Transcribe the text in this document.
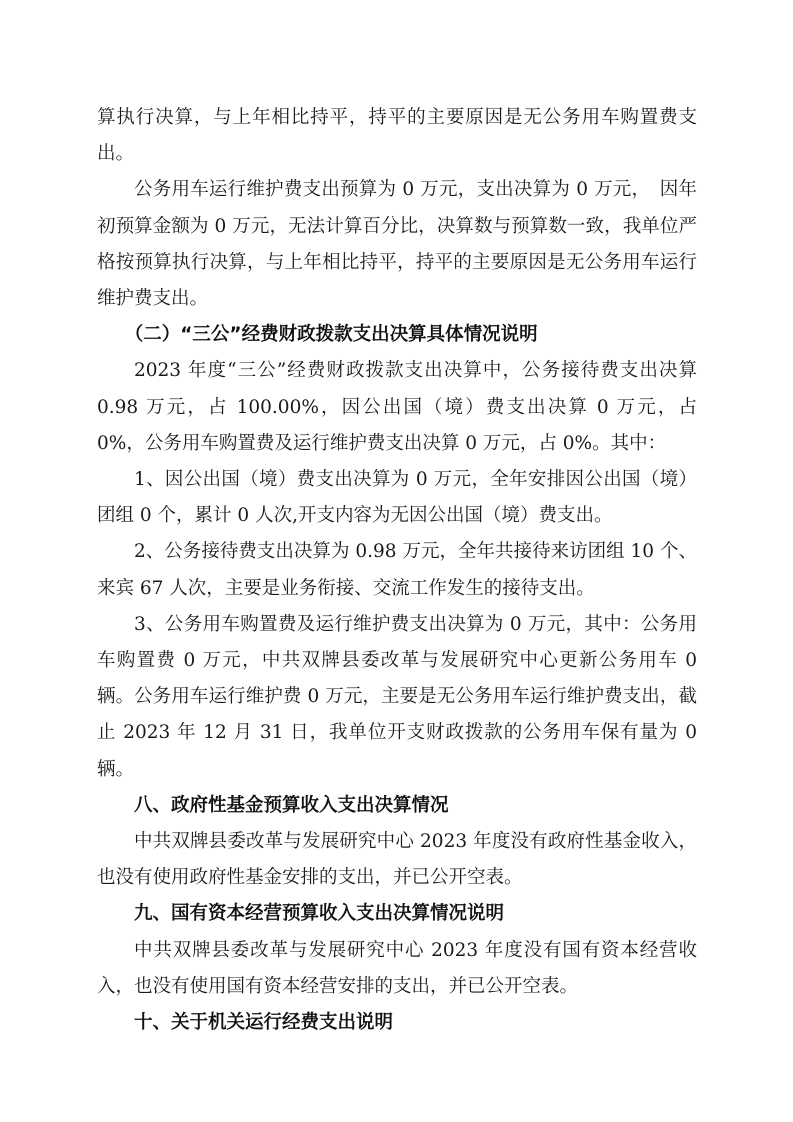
算执行决算，与上年相比持平，持平的主要原因是无公务用车购置费支出。

公务用车运行维护费支出预算为 0 万元，支出决算为 0 万元，　因年初预算金额为 0 万元，无法计算百分比，决算数与预算数一致，我单位严格按预算执行决算，与上年相比持平，持平的主要原因是无公务用车运行维护费支出。

（二）“三公”经费财政拨款支出决算具体情况说明

2023 年度“三公”经费财政拨款支出决算中，公务接待费支出决算 0.98 万元，占 100.00%，因公出国（境）费支出决算 0 万元，占 0%，公务用车购置费及运行维护费支出决算 0 万元，占 0%。其中：

1、因公出国（境）费支出决算为 0 万元，全年安排因公出国（境）团组 0 个，累计 0 人次,开支内容为无因公出国（境）费支出。

2、公务接待费支出决算为 0.98 万元，全年共接待来访团组 10 个、来宾 67 人次，主要是业务衔接、交流工作发生的接待支出。

3、公务用车购置费及运行维护费支出决算为 0 万元，其中：公务用车购置费 0 万元，中共双牌县委改革与发展研究中心更新公务用车 0 辆。公务用车运行维护费 0 万元，主要是无公务用车运行维护费支出，截止 2023 年 12 月 31 日，我单位开支财政拨款的公务用车保有量为 0 辆。

八、政府性基金预算收入支出决算情况

中共双牌县委改革与发展研究中心 2023 年度没有政府性基金收入，也没有使用政府性基金安排的支出，并已公开空表。

九、国有资本经营预算收入支出决算情况说明

中共双牌县委改革与发展研究中心 2023 年度没有国有资本经营收入，也没有使用国有资本经营安排的支出，并已公开空表。

十、关于机关运行经费支出说明
